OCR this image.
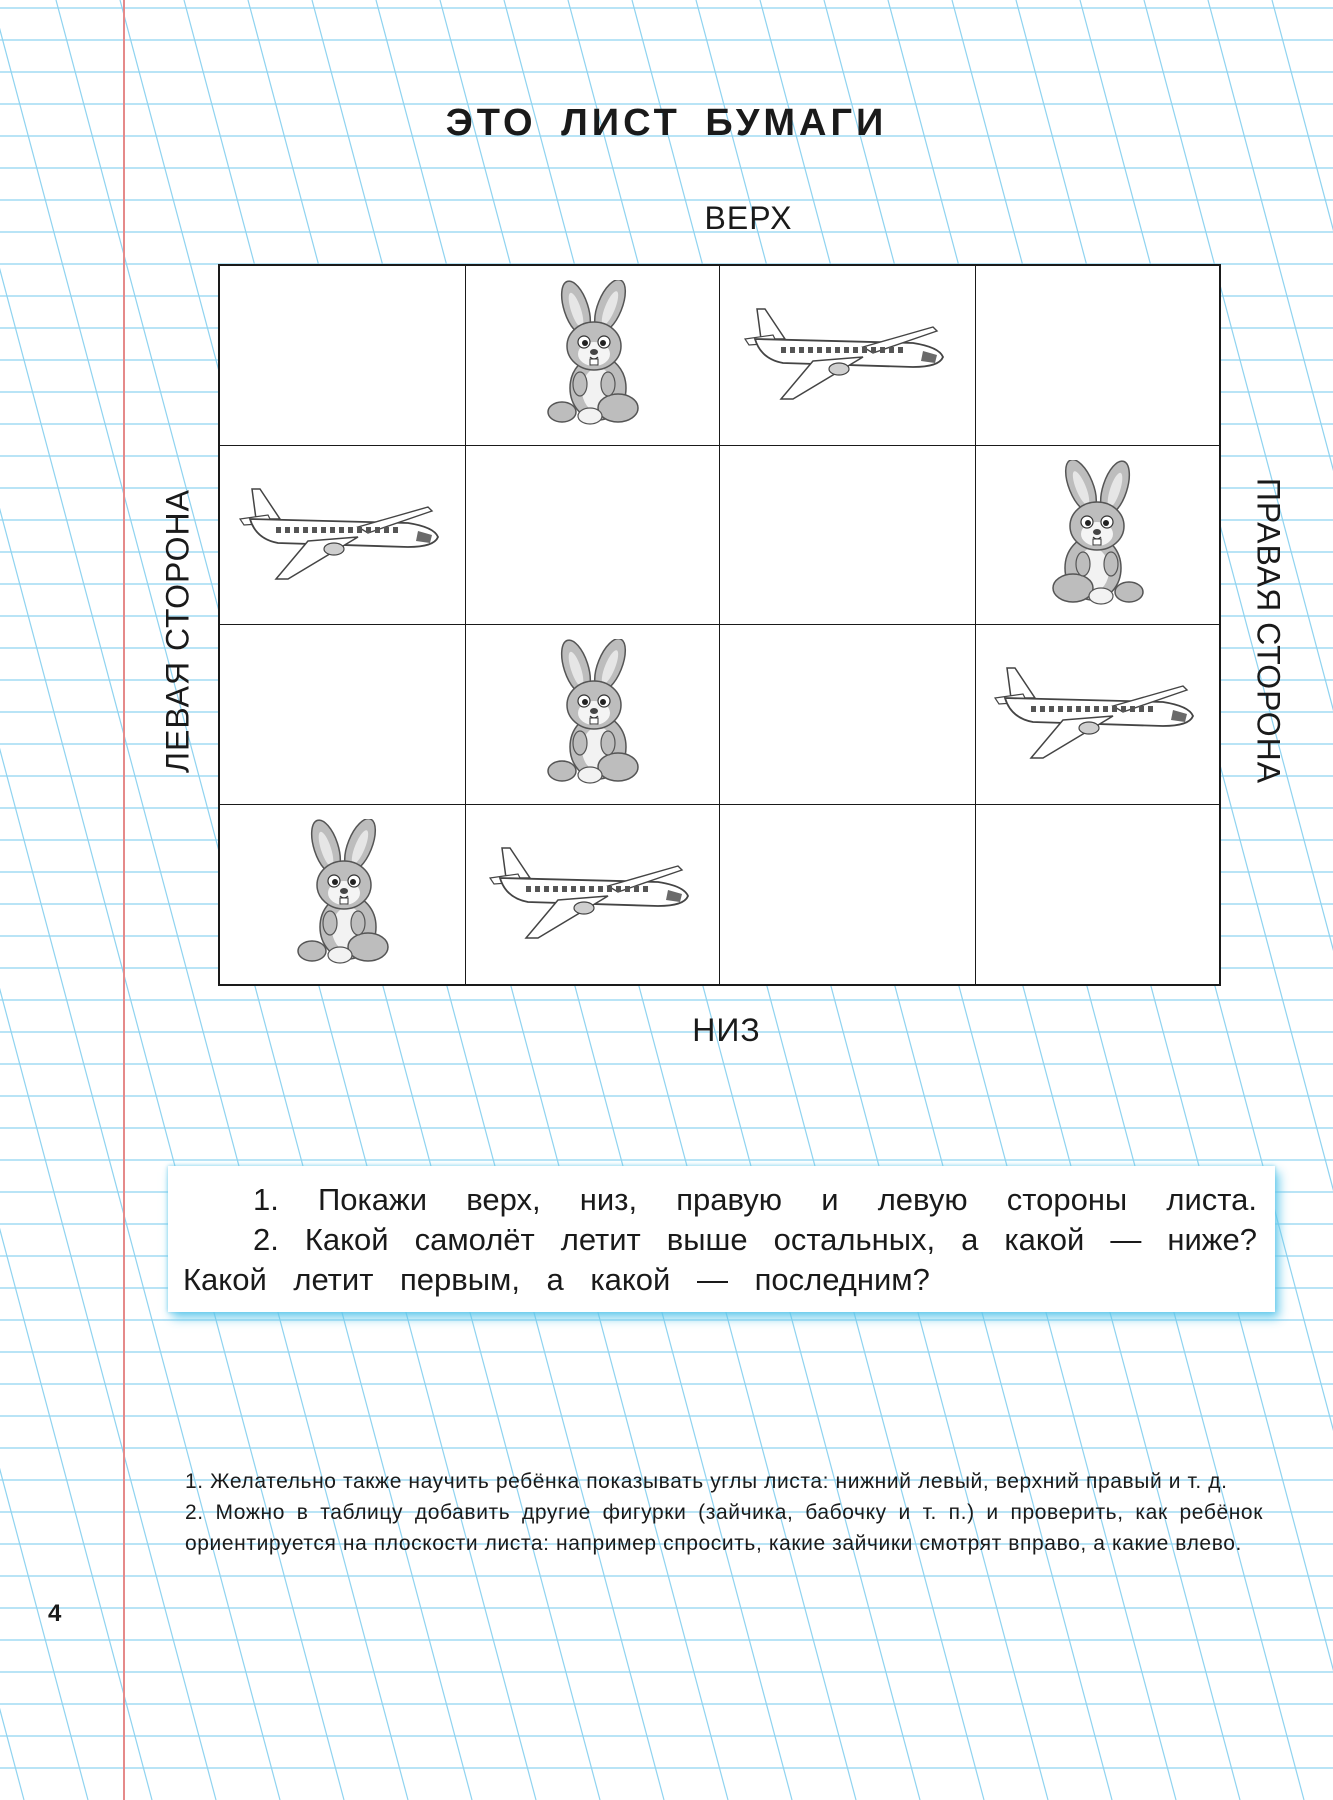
ЭТО ЛИСТ БУМАГИ
ВЕРХ
НИЗ
ЛЕВАЯ СТОРОНА	ПРАВАЯ СТОРОНА
1. Покажи верх, низ, правую и левую стороны листа.
2. Какой самолёт летит выше остальных, а какой — ниже?
Какой летит первым, а какой — последним?

1. Желательно также научить ребёнка показывать углы листа: нижний левый, верхний правый и т. д.

2. Можно в таблицу добавить другие фигурки (зайчика, бабочку и т. п.) и проверить, как ребёнок ориентируется на плоскости листа: например спросить, какие зайчики смотрят вправо, а какие влево.

4
